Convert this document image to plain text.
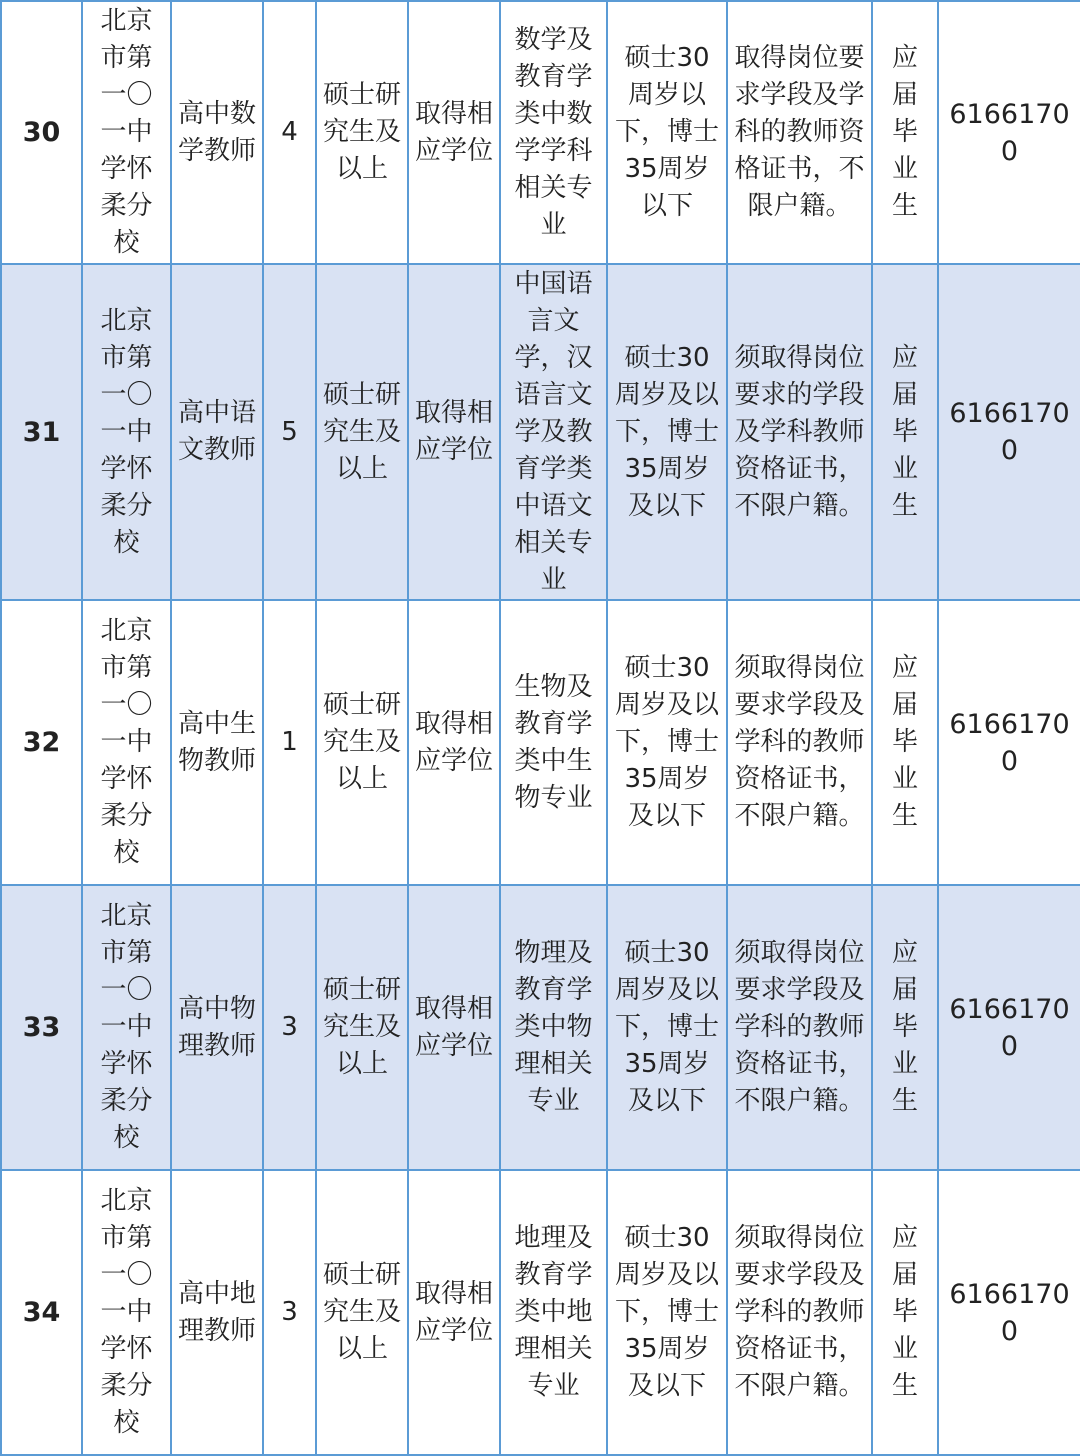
30	北京市第一〇一中学怀柔分校	高中数学教师	4	硕士研究生及以上	取得相应学位	数学及教育学类中数学学科相关专业	硕士30周岁以下，博士35周岁以下	取得岗位要求学段及学科的教师资格证书，不限户籍。	应届毕业生	61661700
31	北京市第一〇一中学怀柔分校	高中语文教师	5	硕士研究生及以上	取得相应学位	中国语言文学，汉语言文学及教育学类中语文相关专业	硕士30周岁及以下，博士35周岁及以下	须取得岗位要求的学段及学科教师资格证书，不限户籍。	应届毕业生	61661700
32	北京市第一〇一中学怀柔分校	高中生物教师	1	硕士研究生及以上	取得相应学位	生物及教育学类中生物专业	硕士30周岁及以下，博士35周岁及以下	须取得岗位要求学段及学科的教师资格证书，不限户籍。	应届毕业生	61661700
33	北京市第一〇一中学怀柔分校	高中物理教师	3	硕士研究生及以上	取得相应学位	物理及教育学类中物理相关专业	硕士30周岁及以下，博士35周岁及以下	须取得岗位要求学段及学科的教师资格证书，不限户籍。	应届毕业生	61661700
34	北京市第一〇一中学怀柔分校	高中地理教师	3	硕士研究生及以上	取得相应学位	地理及教育学类中地理相关专业	硕士30周岁及以下，博士35周岁及以下	须取得岗位要求学段及学科的教师资格证书，不限户籍。	应届毕业生	61661700
